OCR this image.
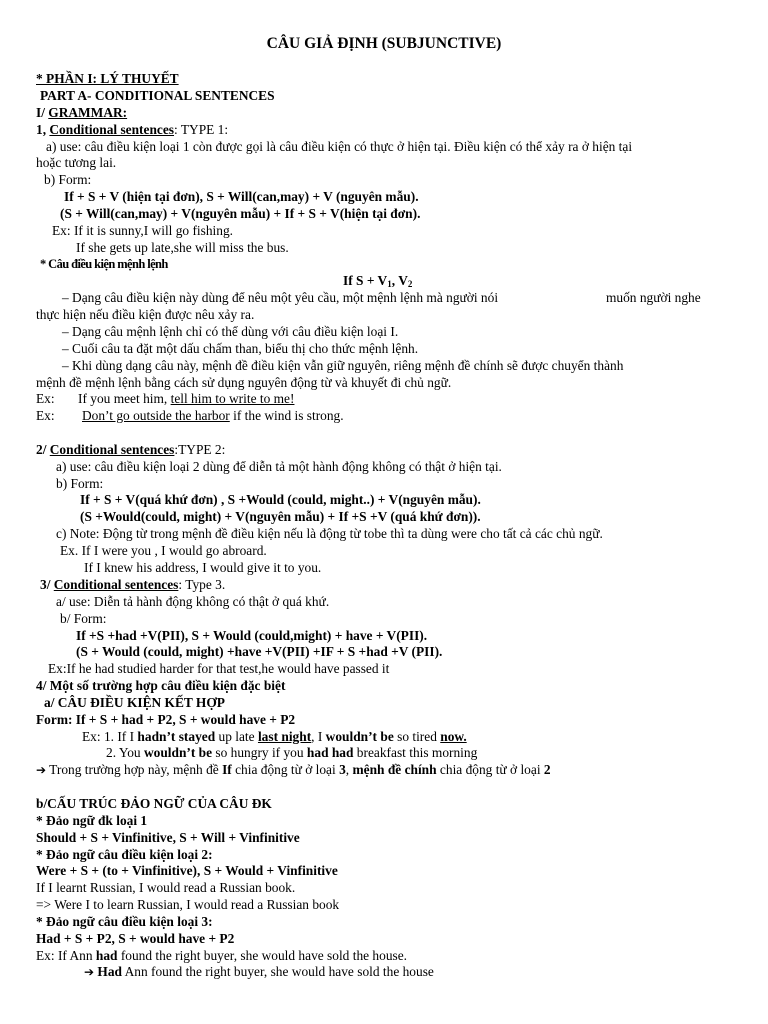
CÂU GIẢ ĐỊNH (SUBJUNCTIVE)
* PHẦN I: LÝ THUYẾT
PART A- CONDITIONAL SENTENCES
I/ GRAMMAR:
1, Conditional sentences: TYPE 1:
a) use: câu điều kiện loại 1 còn được gọi là câu điều kiện có thực ở hiện tại. Điều kiện có thể xảy ra ở hiện tại
hoặc tương lai.
b) Form:
If + S + V (hiện tại đơn), S + Will(can,may) + V (nguyên mẫu).
(S + Will(can,may) + V(nguyên mẫu) + If + S + V(hiện tại đơn).
Ex: If it is sunny,I will go fishing.
If she gets up late,she will miss the bus.
* Câu điều kiện mệnh lệnh
If $S + V_1$, $V_2$
– Dạng câu điều kiện này dùng để nêu một yêu cầu, một mệnh lệnh mà người nói	muốn người nghe
thực hiện nếu điều kiện được nêu xảy ra.
– Dạng câu mệnh lệnh chỉ có thể dùng với câu điều kiện loại I.
– Cuối câu ta đặt một dấu chấm than, biểu thị cho thức mệnh lệnh.
– Khi dùng dạng câu này, mệnh đề điều kiện vẫn giữ nguyên, riêng mệnh đề chính sẽ được chuyển thành
mệnh đề mệnh lệnh bằng cách sử dụng nguyên động từ và khuyết đi chủ ngữ.
Ex: If you meet him, tell him to write to me!
Ex: Don’t go outside the harbor if the wind is strong.
2/ Conditional sentences:TYPE 2:
a) use: câu điều kiện loại 2 dùng để diễn tả một hành động không có thật ở hiện tại.
b) Form:
If + S + V(quá khứ đơn) , S +Would (could, might..) + V(nguyên mẫu).
(S +Would(could, might) + V(nguyên mẫu) + If +S +V (quá khứ đơn)).
c) Note: Động từ trong mệnh đề điều kiện nếu là động từ tobe thì ta dùng were cho tất cả các chủ ngữ.
Ex. If I were you , I would go abroard.
If I knew his address, I would give it to you.
3/ Conditional sentences: Type 3.
a/ use: Diễn tả hành động không có thật ở quá khứ.
b/ Form:
If +S +had +V(PII), S + Would (could,might) + have + V(PII).
(S + Would (could, might) +have +V(PII) +IF + S +had +V (PII).
Ex:If he had studied harder for that test,he would have passed it
4/ Một số trường hợp câu điều kiện đặc biệt
a/ CÂU ĐIỀU KIỆN KẾT HỢP
Form: If + S + had + P2, S + would have + P2
Ex: 1. If I hadn’t stayed up late last night, I wouldn’t be so tired now.
2. You wouldn’t be so hungry if you had had breakfast this morning
➔ Trong trường hợp này, mệnh đề If chia động từ ở loại 3, mệnh đề chính chia động từ ở loại 2
b/CẤU TRÚC ĐẢO NGỮ CỦA CÂU ĐK
* Đảo ngữ đk loại 1
Should + S + Vinfinitive, S + Will + Vinfinitive
* Đảo ngữ câu điều kiện loại 2:
Were + S + (to + Vinfinitive), S + Would + Vinfinitive
If I learnt Russian, I would read a Russian book.
=> Were I to learn Russian, I would read a Russian book
* Đảo ngữ câu điều kiện loại 3:
Had + S + P2, S + would have + P2
Ex: If Ann had found the right buyer, she would have sold the house.
➔ Had Ann found the right buyer, she would have sold the house
